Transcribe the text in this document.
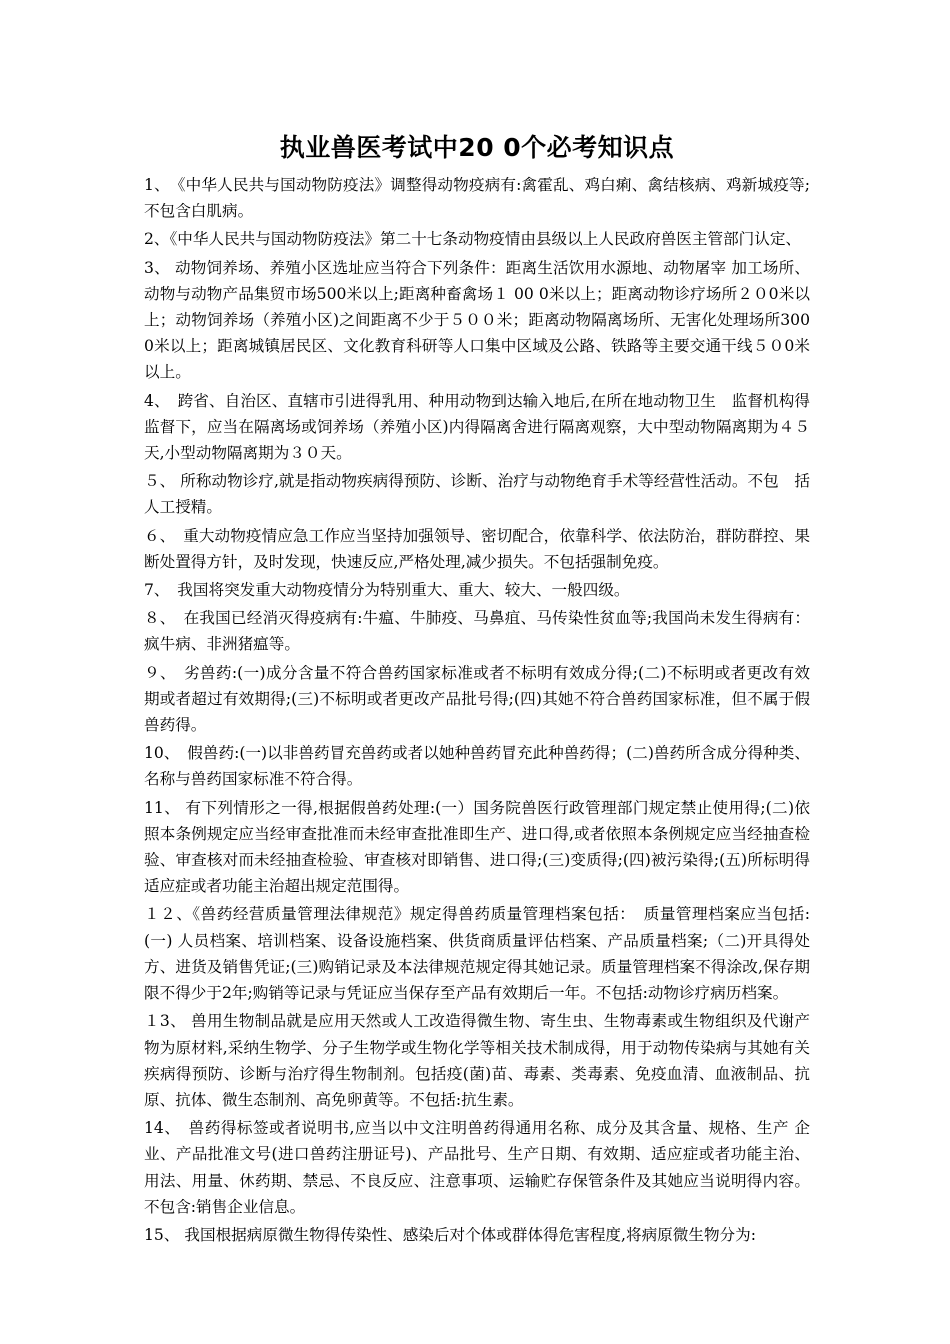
执业兽医考试中20 0个必考知识点

1、　《中华人民共与国动物防疫法》调整得动物疫病有:禽霍乱、鸡白痢、禽结核病、鸡新城疫等;不包含白肌病。

2、《中华人民共与国动物防疫法》第二十七条动物疫情由县级以上人民政府兽医主管部门认定、

3、 动物饲养场、养殖小区选址应当符合下列条件：距离生活饮用水源地、动物屠宰 加工场所、动物与动物产品集贸市场500米以上;距离种畜禽场１ 00 0米以上；距离动物诊疗场所２０0米以上；动物饲养场（养殖小区)之间距离不少于５００米；距离动物隔离场所、无害化处理场所300 0米以上；距离城镇居民区、文化教育科研等人口集中区域及公路、铁路等主要交通干线５０0米以上。

4、　跨省、自治区、直辖市引进得乳用、种用动物到达输入地后,在所在地动物卫生　监督机构得监督下，应当在隔离场或饲养场（养殖小区)内得隔离舍进行隔离观察，大中型动物隔离期为４５天,小型动物隔离期为３０天。

５、 所称动物诊疗,就是指动物疾病得预防、诊断、治疗与动物绝育手术等经营性活动。不包　括人工授精。

６、　重大动物疫情应急工作应当坚持加强领导、密切配合，依靠科学、依法防治，群防群控、果断处置得方针，及时发现，快速反应,严格处理,减少损失。不包括强制免疫。

7、　我国将突发重大动物疫情分为特别重大、重大、较大、一般四级。

８、　在我国已经消灭得疫病有:牛瘟、牛肺疫、马鼻疽、马传染性贫血等;我国尚未发生得病有：疯牛病、非洲猪瘟等。

９、　劣兽药:(一)成分含量不符合兽药国家标准或者不标明有效成分得;(二)不标明或者更改有效期或者超过有效期得;(三)不标明或者更改产品批号得;(四)其她不符合兽药国家标准，但不属于假兽药得。

10、　假兽药:(一)以非兽药冒充兽药或者以她种兽药冒充此种兽药得；(二)兽药所含成分得种类、名称与兽药国家标准不符合得。

11、 有下列情形之一得,根据假兽药处理:(一）国务院兽医行政管理部门规定禁止使用得;(二)依照本条例规定应当经审查批准而未经审查批准即生产、进口得,或者依照本条例规定应当经抽查检验、审查核对而未经抽查检验、审查核对即销售、进口得;(三)变质得;(四)被污染得;(五)所标明得适应症或者功能主治超出规定范围得。

１２、《兽药经营质量管理法律规范》规定得兽药质量管理档案包括：　质量管理档案应当包括:(一) 人员档案、培训档案、设备设施档案、供货商质量评估档案、产品质量档案;（二)开具得处方、进货及销售凭证;(三)购销记录及本法律规范规定得其她记录。质量管理档案不得涂改,保存期限不得少于2年;购销等记录与凭证应当保存至产品有效期后一年。不包括:动物诊疗病历档案。

１3、 兽用生物制品就是应用天然或人工改造得微生物、寄生虫、生物毒素或生物组织及代谢产 物为原材料,采纳生物学、分子生物学或生物化学等相关技术制成得，用于动物传染病与其她有关疾病得预防、诊断与治疗得生物制剂。包括疫(菌)苗、毒素、类毒素、免疫血清、血液制品、抗原、抗体、微生态制剂、高免卵黄等。不包括:抗生素。

14、　兽药得标签或者说明书,应当以中文注明兽药得通用名称、成分及其含量、规格、生产 企业、产品批准文号(进口兽药注册证号)、产品批号、生产日期、有效期、适应症或者功能主治、用法、用量、休药期、禁忌、不良反应、注意事项、运输贮存保管条件及其她应当说明得内容。不包含:销售企业信息。

15、 我国根据病原微生物得传染性、感染后对个体或群体得危害程度,将病原微生物分为:
